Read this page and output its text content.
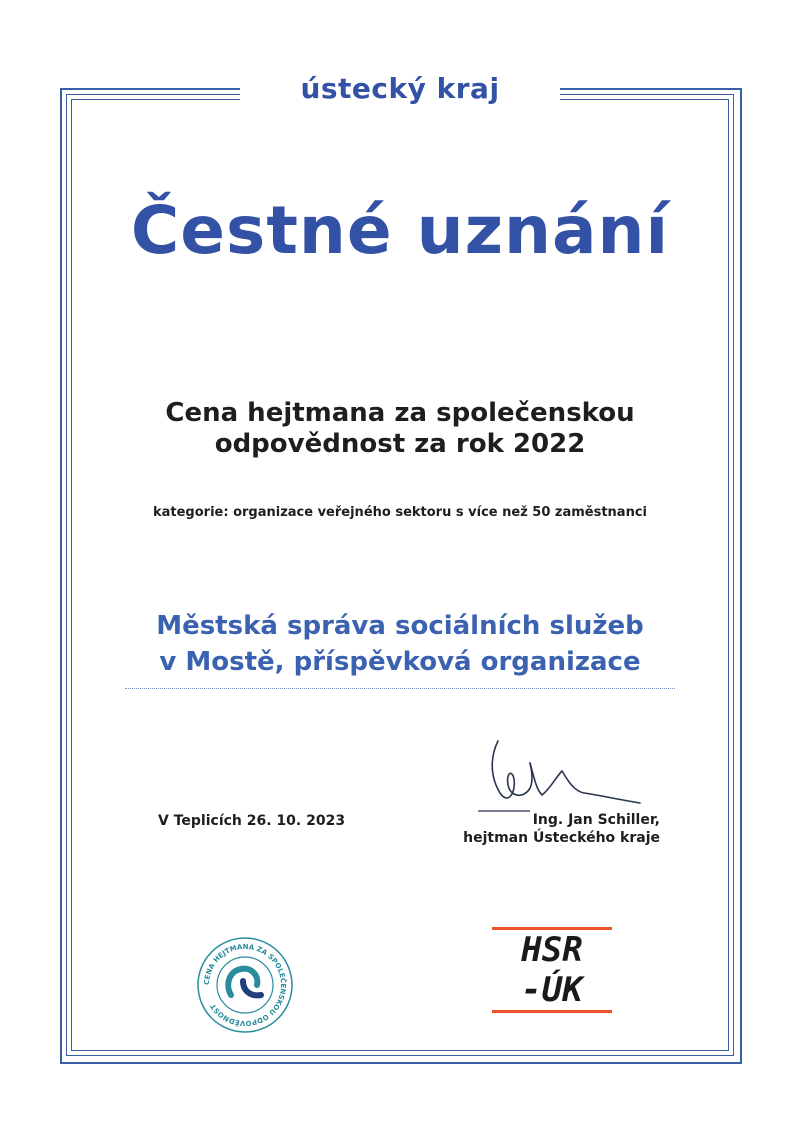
ústecký kraj
Čestné uznání
Cena hejtmana za společenskou
odpovědnost za rok 2022
kategorie: organizace veřejného sektoru s více než 50 zaměstnanci
Městská správa sociálních služeb
v Mostě, příspěvková organizace
V Teplicích 26. 10. 2023	Ing. Jan Schiller,
hejtman Ústeckého kraje
CENA HEJTMANA ZA SPOLEČENSKOU ODPOVĚDNOST
HSR
-ÚK
